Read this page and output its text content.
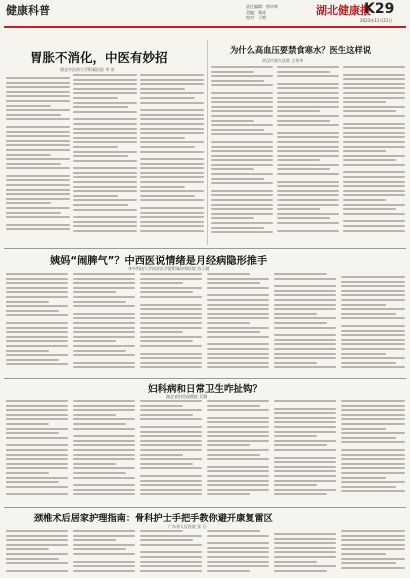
健康科普	责任编辑：徐卓林
美编：郑成
校对：子婷
湖北健康报
K29
2023年11月21日
胃胀不消化，中医有妙招
湖北中医药大学附属医院 李 冰
为什么高血压要禁食寒水？医生这样说
武汉市第九医院 王伟华
姨妈“闹脾气”？中西医说情绪是月经病隐形推手
华中科技大学同济医学院附属协和医院 苏子涵
妇科病和日常卫生咋扯钩？
湖北省妇幼保健院 吴雅
颈椎术后居家护理指南：骨科护士手把手教你避开康复雷区
广东省人民医院 张 芬
